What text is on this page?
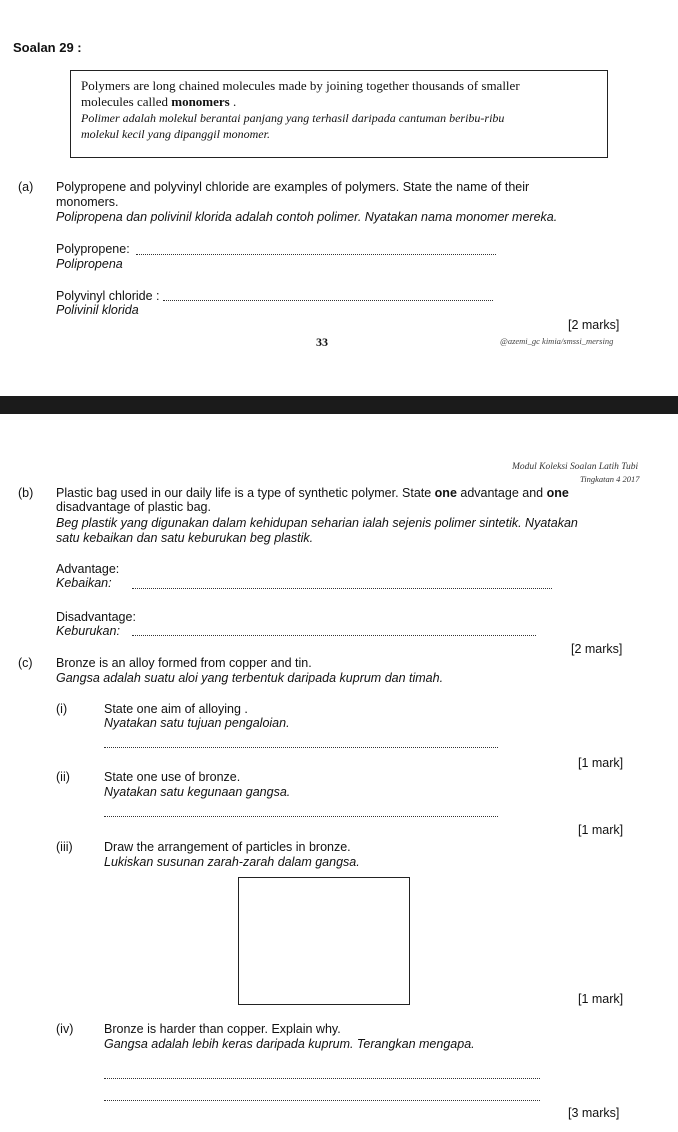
Soalan 29 :
Polymers are long chained molecules made by joining together thousands of smaller
molecules called monomers .
Polimer adalah molekul berantai panjang yang terhasil daripada cantuman beribu-ribu
molekul kecil yang dipanggil monomer.
(a) Polypropene and polyvinyl chloride are examples of polymers. State the name of their
monomers.
Polipropena dan polivinil klorida adalah contoh polimer. Nyatakan nama monomer mereka.
Polypropene:
Polipropena
Polyvinyl chloride :
Polivinil klorida
[2 marks]
33	@azemi_gc kimia/smssi_mersing
Modul Koleksi Soalan Latih Tubi
Tingkatan 4 2017
(b) Plastic bag used in our daily life is a type of synthetic polymer. State one advantage and one
disadvantage of plastic bag.
Beg plastik yang digunakan dalam kehidupan seharian ialah sejenis polimer sintetik. Nyatakan
satu kebaikan dan satu keburukan beg plastik.
Advantage:
Kebaikan:
Disadvantage:
Keburukan:
[2 marks]
(c) Bronze is an alloy formed from copper and tin.
Gangsa adalah suatu aloi yang terbentuk daripada kuprum dan timah.
(i)	State one aim of alloying .
Nyatakan satu tujuan pengaloian.
[1 mark]
(ii)	State one use of bronze.
Nyatakan satu kegunaan gangsa.
[1 mark]
(iii)	Draw the arrangement of particles in bronze.
Lukiskan susunan zarah-zarah dalam gangsa.
[1 mark]
(iv) Bronze is harder than copper. Explain why.
Gangsa adalah lebih keras daripada kuprum. Terangkan mengapa.
[3 marks]
